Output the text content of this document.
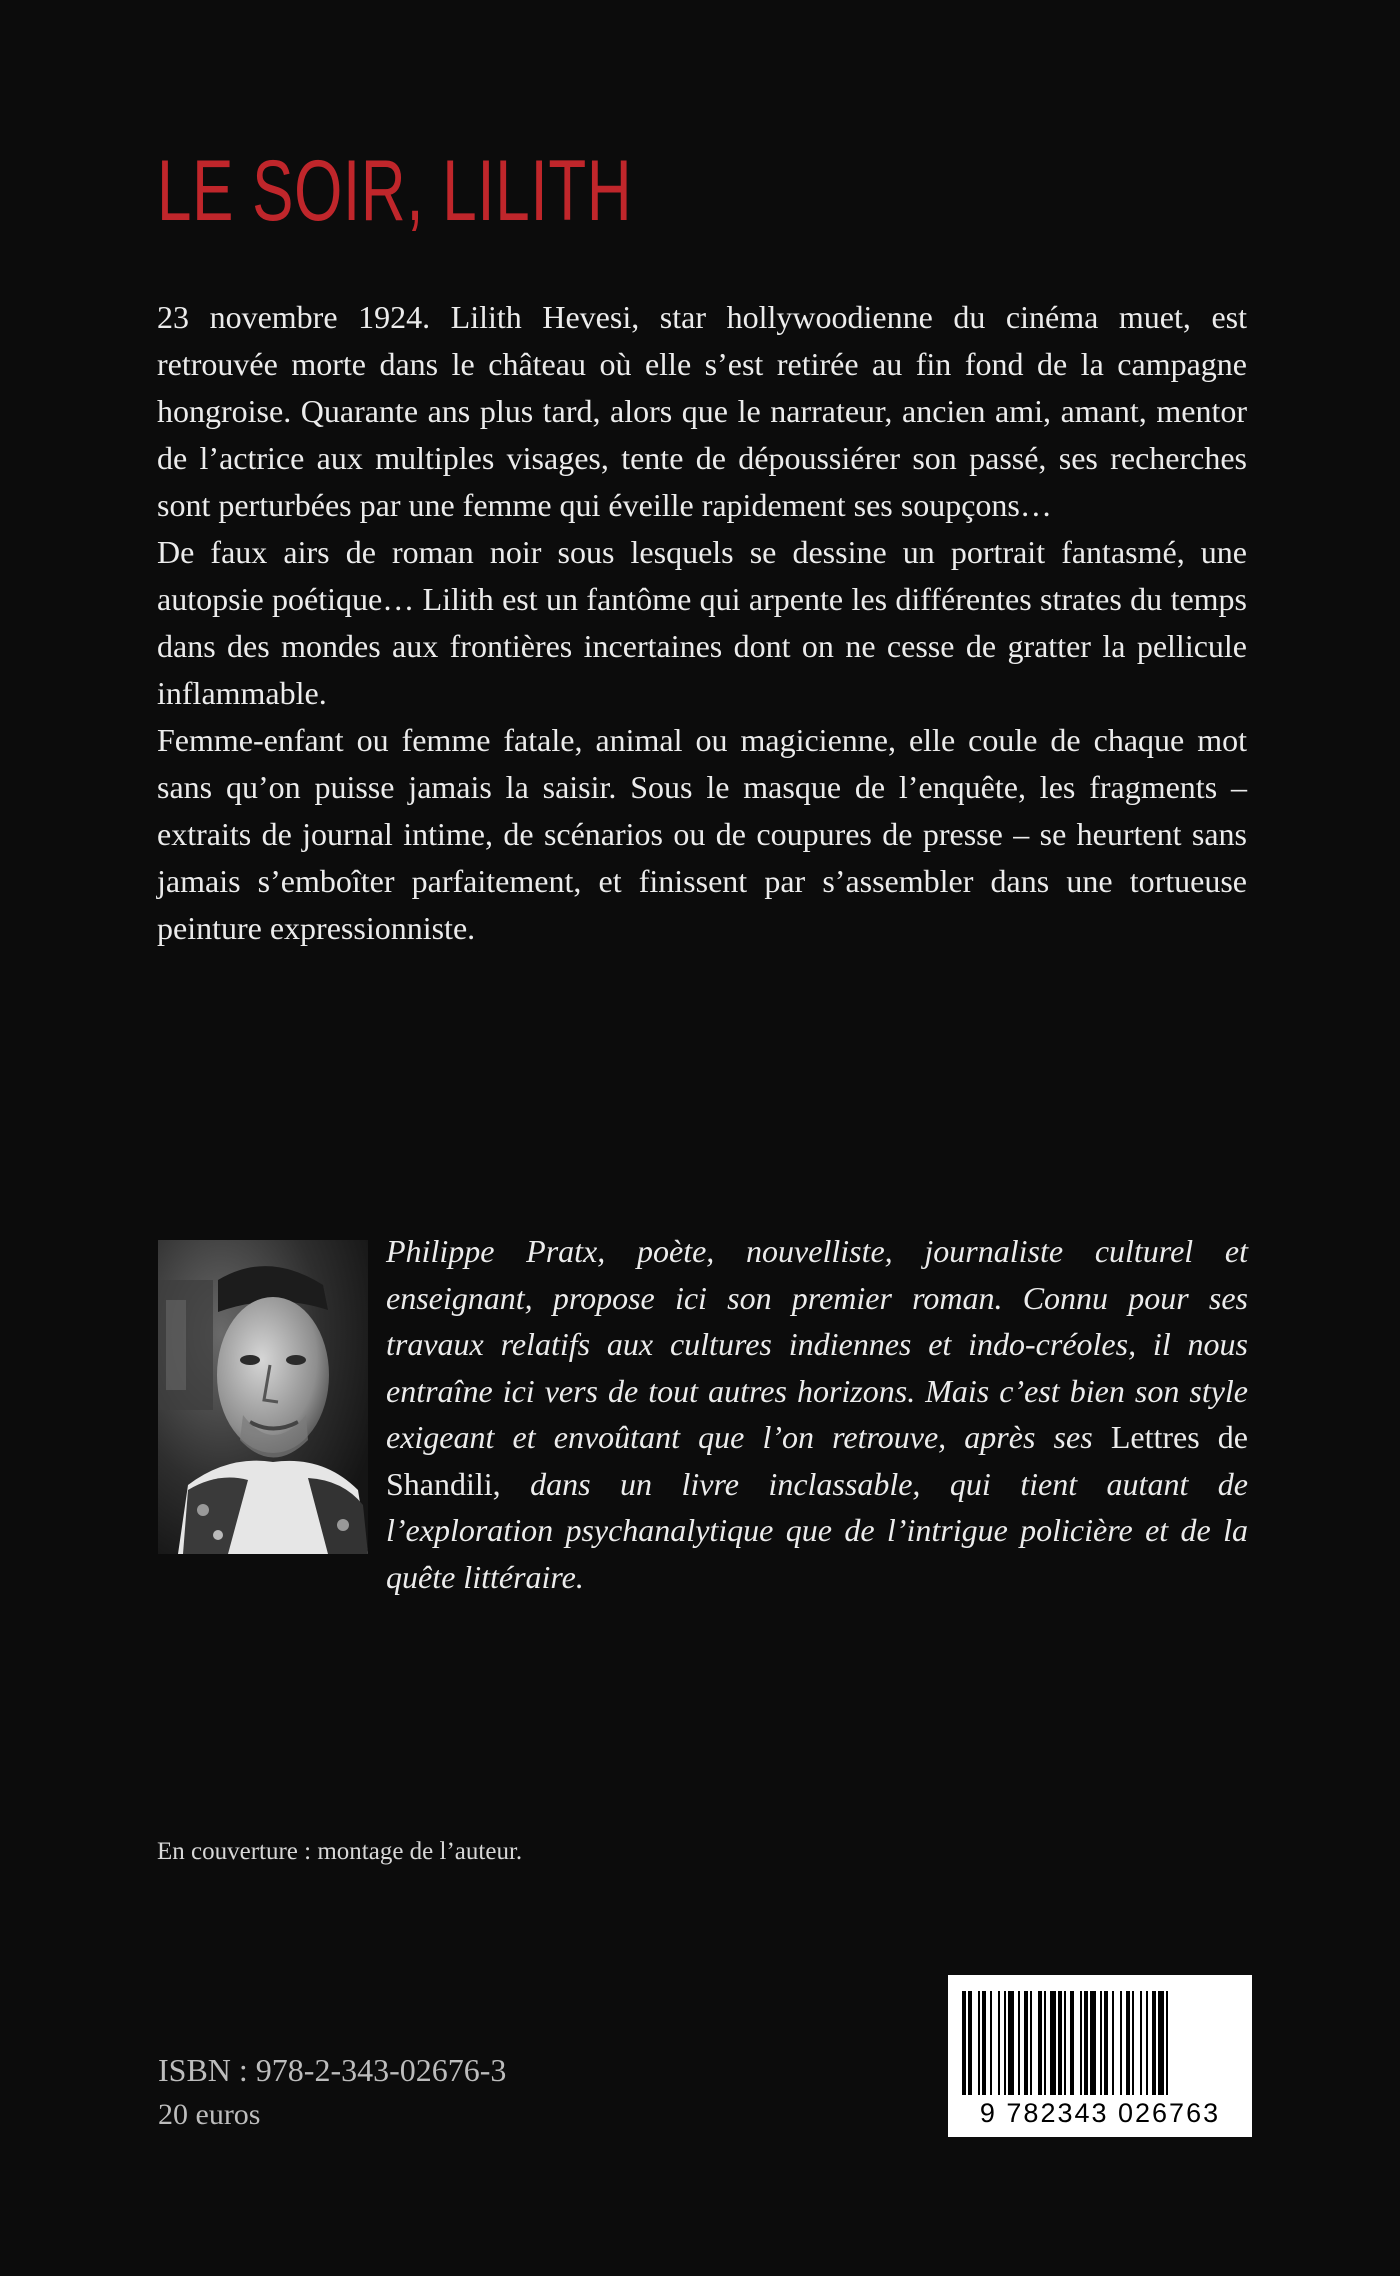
LE SOIR, LILITH

23 novembre 1924. Lilith Hevesi, star hollywoodienne du cinéma muet, est retrouvée morte dans le château où elle s’est retirée au fin fond de la campagne hongroise. Quarante ans plus tard, alors que le narrateur, ancien ami, amant, mentor de l’actrice aux multiples visages, tente de dépoussiérer son passé, ses recherches sont perturbées par une femme qui éveille rapidement ses soupçons…

De faux airs de roman noir sous lesquels se dessine un portrait fantasmé, une autopsie poétique… Lilith est un fantôme qui arpente les différentes strates du temps dans des mondes aux frontières incertaines dont on ne cesse de gratter la pellicule inflammable.

Femme-enfant ou femme fatale, animal ou magicienne, elle coule de chaque mot sans qu’on puisse jamais la saisir. Sous le masque de l’enquête, les fragments – extraits de journal intime, de scénarios ou de coupures de presse – se heurtent sans jamais s’emboîter parfaitement, et finissent par s’assembler dans une tortueuse peinture expressionniste.

Philippe Pratx, poète, nouvelliste, journaliste culturel et enseignant, propose ici son premier roman. Connu pour ses travaux relatifs aux cultures indiennes et indo-créoles, il nous entraîne ici vers de tout autres horizons. Mais c’est bien son style exigeant et envoûtant que l’on retrouve, après ses Lettres de Shandili, dans un livre inclassable, qui tient autant de l’exploration psychanalytique que de l’intrigue policière et de la quête littéraire.

En couverture : montage de l’auteur.

ISBN : 978-2-343-02676-3

20 euros	9 782343 026763
